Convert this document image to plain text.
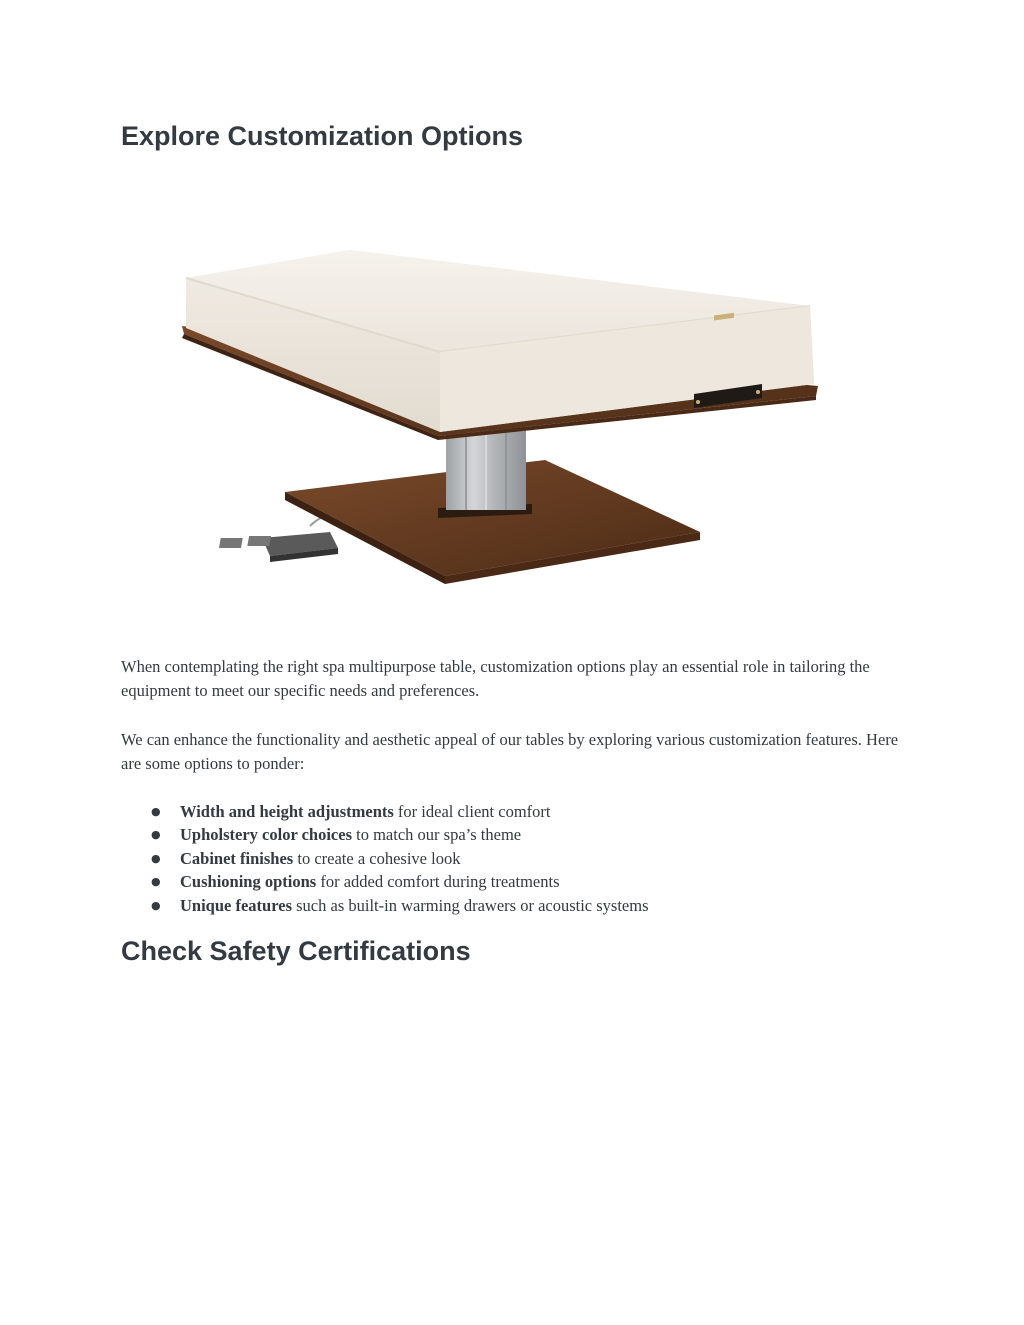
Explore Customization Options

When contemplating the right spa multipurpose table, customization options play an essential role in tailoring the equipment to meet our specific needs and preferences.

We can enhance the functionality and aesthetic appeal of our tables by exploring various customization features. Here are some options to ponder:

● Width and height adjustments for ideal client comfort
● Upholstery color choices to match our spa’s theme
● Cabinet finishes to create a cohesive look
● Cushioning options for added comfort during treatments
● Unique features such as built-in warming drawers or acoustic systems
Check Safety Certifications
